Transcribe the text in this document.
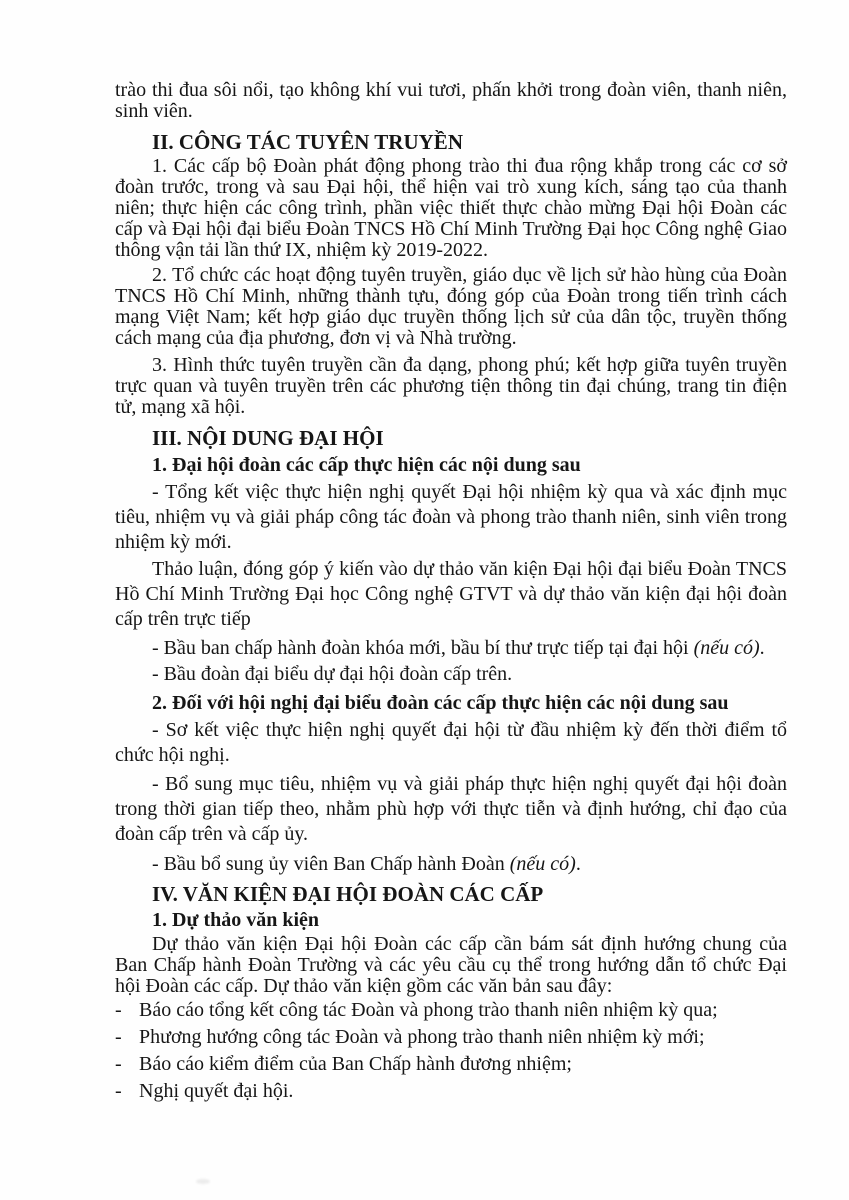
trào thi đua sôi nổi, tạo không khí vui tươi, phấn khởi trong đoàn viên, thanh niên, sinh viên.

II. CÔNG TÁC TUYÊN TRUYỀN

1. Các cấp bộ Đoàn phát động phong trào thi đua rộng khắp trong các cơ sở đoàn trước, trong và sau Đại hội, thể hiện vai trò xung kích, sáng tạo của thanh niên; thực hiện các công trình, phần việc thiết thực chào mừng Đại hội Đoàn các cấp và Đại hội đại biểu Đoàn TNCS Hồ Chí Minh Trường Đại học Công nghệ Giao thông vận tải lần thứ IX, nhiệm kỳ 2019-2022.

2. Tổ chức các hoạt động tuyên truyền, giáo dục về lịch sử hào hùng của Đoàn TNCS Hồ Chí Minh, những thành tựu, đóng góp của Đoàn trong tiến trình cách mạng Việt Nam; kết hợp giáo dục truyền thống lịch sử của dân tộc, truyền thống cách mạng của địa phương, đơn vị và Nhà trường.

3. Hình thức tuyên truyền cần đa dạng, phong phú; kết hợp giữa tuyên truyền trực quan và tuyên truyền trên các phương tiện thông tin đại chúng, trang tin điện tử, mạng xã hội.

III. NỘI DUNG ĐẠI HỘI

1. Đại hội đoàn các cấp thực hiện các nội dung sau

- Tổng kết việc thực hiện nghị quyết Đại hội nhiệm kỳ qua và xác định mục tiêu, nhiệm vụ và giải pháp công tác đoàn và phong trào thanh niên, sinh viên trong nhiệm kỳ mới.

Thảo luận, đóng góp ý kiến vào dự thảo văn kiện Đại hội đại biểu Đoàn TNCS Hồ Chí Minh Trường Đại học Công nghệ GTVT và dự thảo văn kiện đại hội đoàn cấp trên trực tiếp

- Bầu ban chấp hành đoàn khóa mới, bầu bí thư trực tiếp tại đại hội (nếu có).

- Bầu đoàn đại biểu dự đại hội đoàn cấp trên.

2. Đối với hội nghị đại biểu đoàn các cấp thực hiện các nội dung sau

- Sơ kết việc thực hiện nghị quyết đại hội từ đầu nhiệm kỳ đến thời điểm tổ chức hội nghị.

- Bổ sung mục tiêu, nhiệm vụ và giải pháp thực hiện nghị quyết đại hội đoàn trong thời gian tiếp theo, nhằm phù hợp với thực tiễn và định hướng, chỉ đạo của đoàn cấp trên và cấp ủy.

- Bầu bổ sung ủy viên Ban Chấp hành Đoàn (nếu có).

IV. VĂN KIỆN ĐẠI HỘI ĐOÀN CÁC CẤP

1. Dự thảo văn kiện

Dự thảo văn kiện Đại hội Đoàn các cấp cần bám sát định hướng chung của Ban Chấp hành Đoàn Trường và các yêu cầu cụ thể trong hướng dẫn tổ chức Đại hội Đoàn các cấp. Dự thảo văn kiện gồm các văn bản sau đây:

- Báo cáo tổng kết công tác Đoàn và phong trào thanh niên nhiệm kỳ qua;

- Phương hướng công tác Đoàn và phong trào thanh niên nhiệm kỳ mới;

- Báo cáo kiểm điểm của Ban Chấp hành đương nhiệm;

- Nghị quyết đại hội.
